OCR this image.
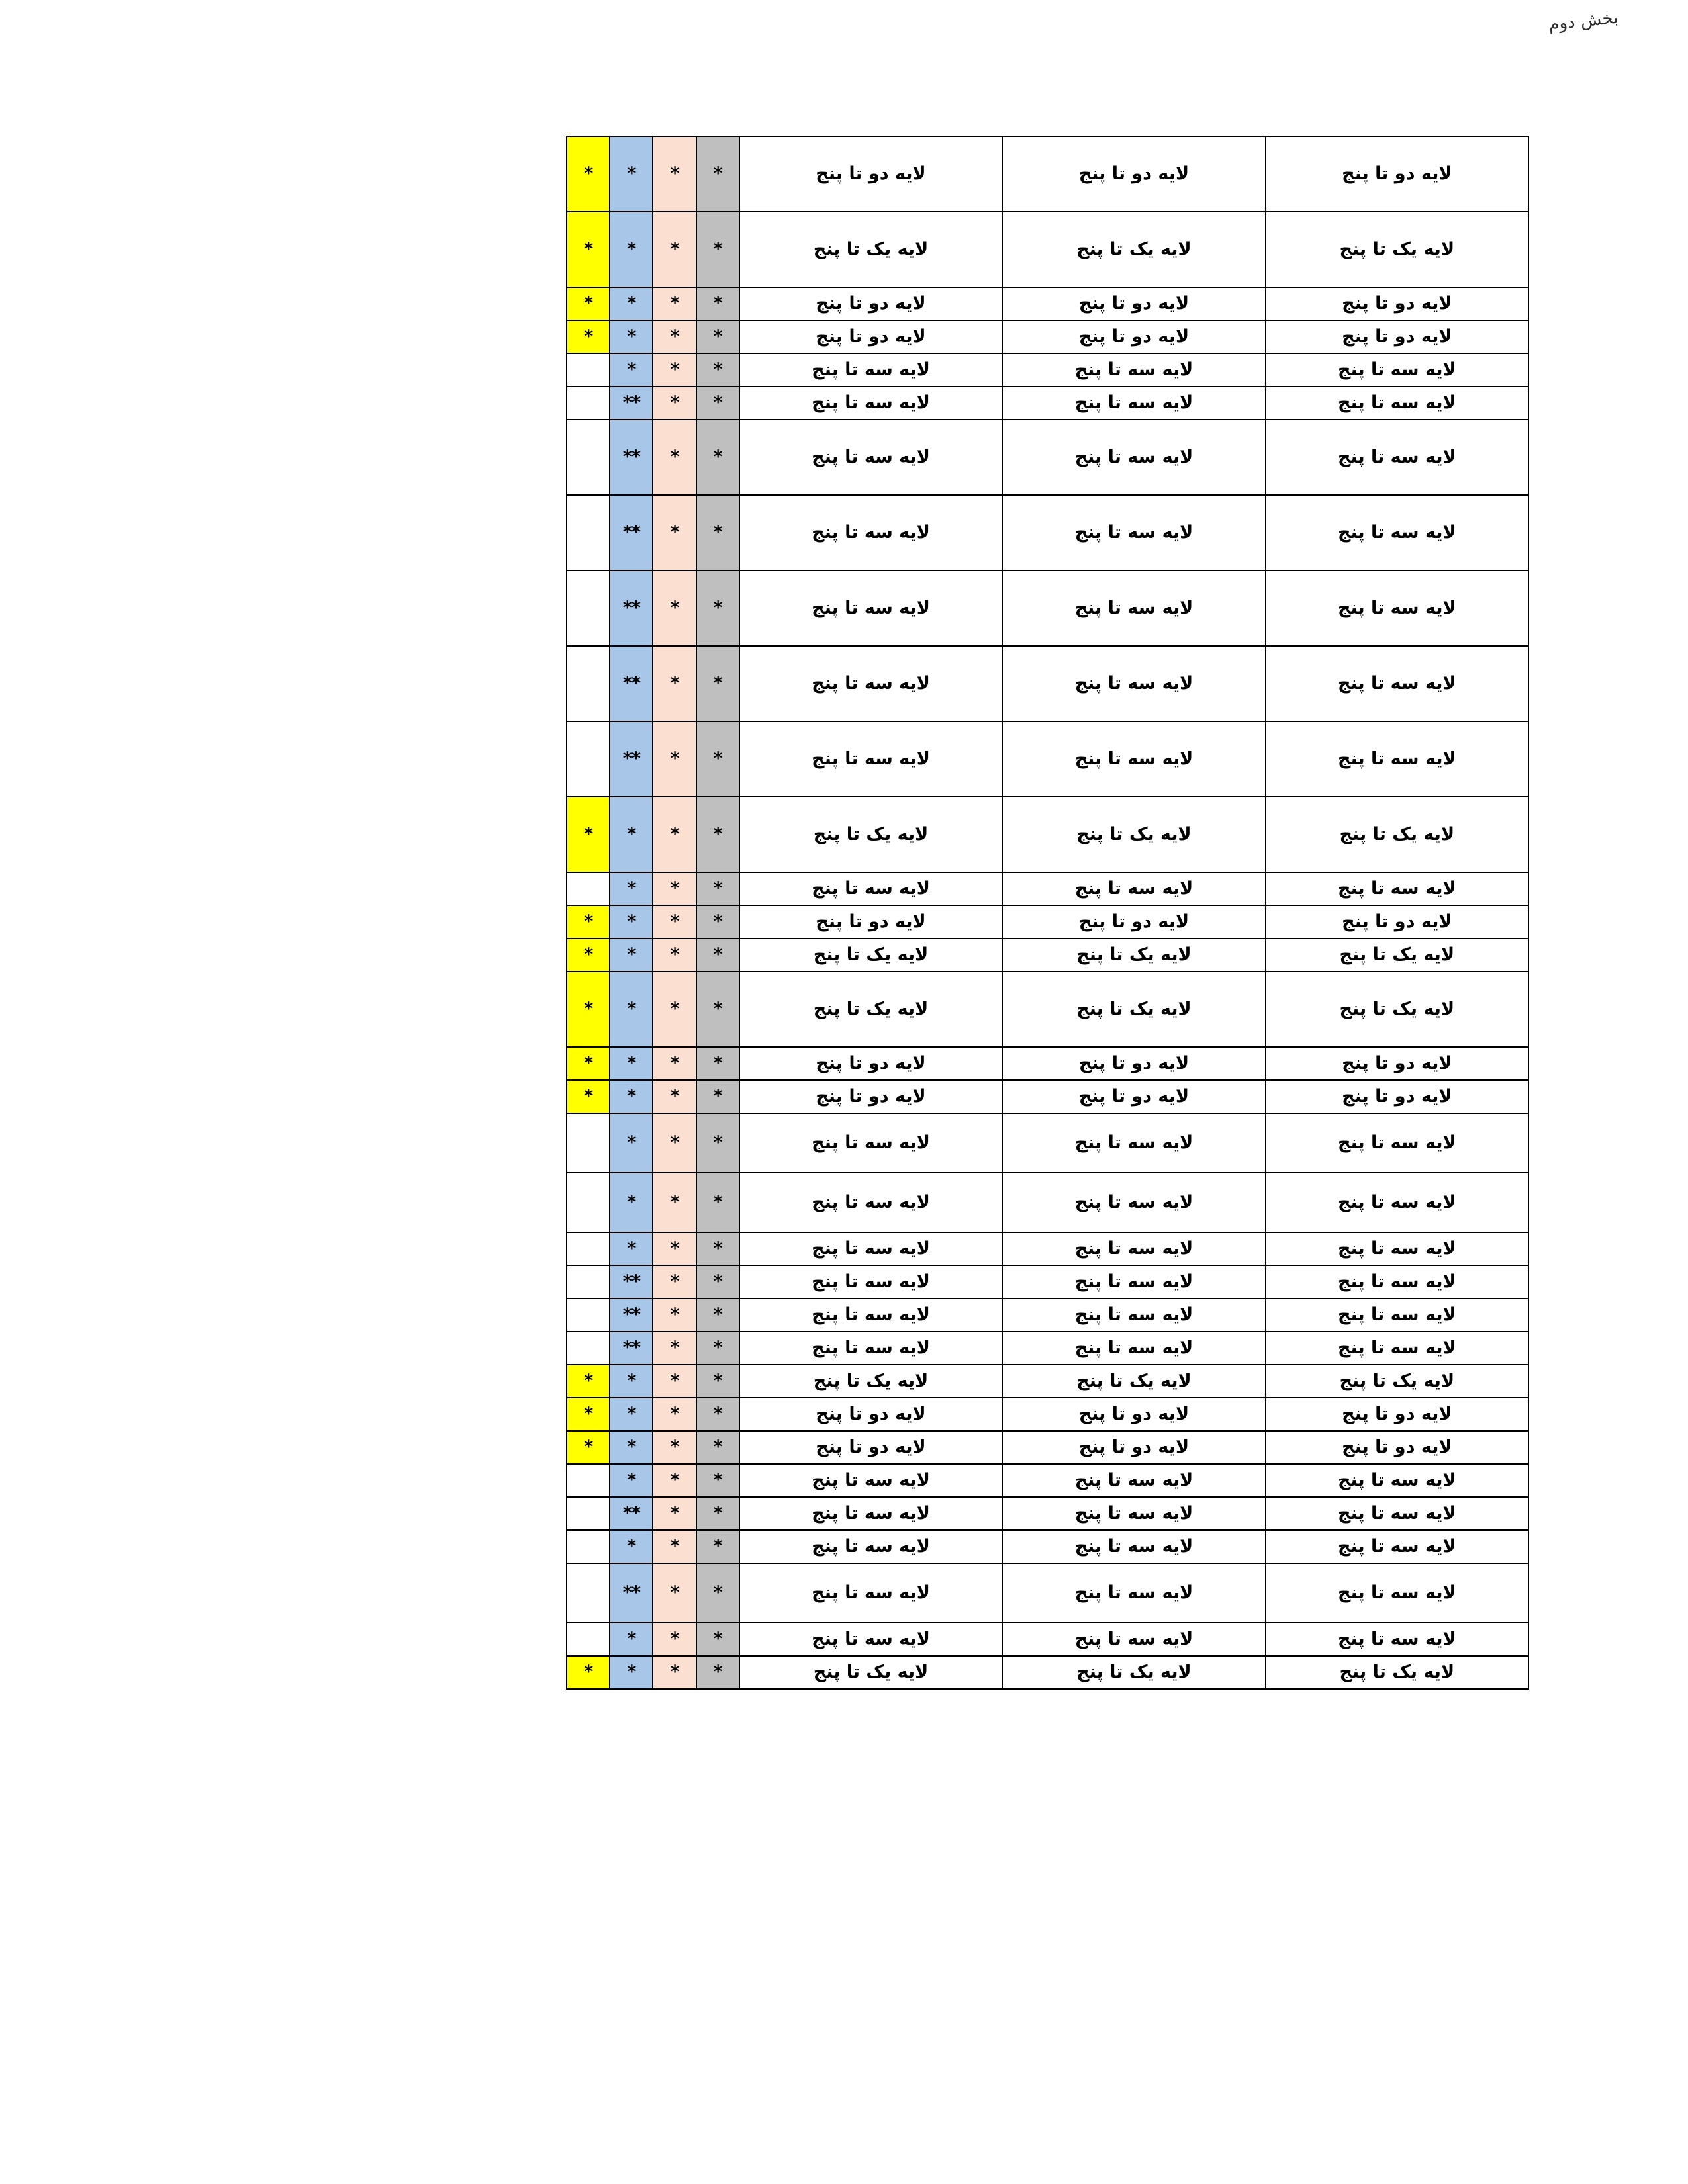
بخش دوم
لایه دو تا پنج	لایه دو تا پنج	لایه دو تا پنج	*	*	*	*
لایه یک تا پنج	لایه یک تا پنج	لایه یک تا پنج	*	*	*	*
لایه دو تا پنج	لایه دو تا پنج	لایه دو تا پنج	*	*	*	*
لایه دو تا پنج	لایه دو تا پنج	لایه دو تا پنج	*	*	*	*
لایه سه تا پنج	لایه سه تا پنج	لایه سه تا پنج	*	*	*	
لایه سه تا پنج	لایه سه تا پنج	لایه سه تا پنج	*	*	**	
لایه سه تا پنج	لایه سه تا پنج	لایه سه تا پنج	*	*	**	
لایه سه تا پنج	لایه سه تا پنج	لایه سه تا پنج	*	*	**	
لایه سه تا پنج	لایه سه تا پنج	لایه سه تا پنج	*	*	**	
لایه سه تا پنج	لایه سه تا پنج	لایه سه تا پنج	*	*	**	
لایه سه تا پنج	لایه سه تا پنج	لایه سه تا پنج	*	*	**	
لایه یک تا پنج	لایه یک تا پنج	لایه یک تا پنج	*	*	*	*
لایه سه تا پنج	لایه سه تا پنج	لایه سه تا پنج	*	*	*	
لایه دو تا پنج	لایه دو تا پنج	لایه دو تا پنج	*	*	*	*
لایه یک تا پنج	لایه یک تا پنج	لایه یک تا پنج	*	*	*	*
لایه یک تا پنج	لایه یک تا پنج	لایه یک تا پنج	*	*	*	*
لایه دو تا پنج	لایه دو تا پنج	لایه دو تا پنج	*	*	*	*
لایه دو تا پنج	لایه دو تا پنج	لایه دو تا پنج	*	*	*	*
لایه سه تا پنج	لایه سه تا پنج	لایه سه تا پنج	*	*	*	
لایه سه تا پنج	لایه سه تا پنج	لایه سه تا پنج	*	*	*	
لایه سه تا پنج	لایه سه تا پنج	لایه سه تا پنج	*	*	*	
لایه سه تا پنج	لایه سه تا پنج	لایه سه تا پنج	*	*	**	
لایه سه تا پنج	لایه سه تا پنج	لایه سه تا پنج	*	*	**	
لایه سه تا پنج	لایه سه تا پنج	لایه سه تا پنج	*	*	**	
لایه یک تا پنج	لایه یک تا پنج	لایه یک تا پنج	*	*	*	*
لایه دو تا پنج	لایه دو تا پنج	لایه دو تا پنج	*	*	*	*
لایه دو تا پنج	لایه دو تا پنج	لایه دو تا پنج	*	*	*	*
لایه سه تا پنج	لایه سه تا پنج	لایه سه تا پنج	*	*	*	
لایه سه تا پنج	لایه سه تا پنج	لایه سه تا پنج	*	*	**	
لایه سه تا پنج	لایه سه تا پنج	لایه سه تا پنج	*	*	*	
لایه سه تا پنج	لایه سه تا پنج	لایه سه تا پنج	*	*	**	
لایه سه تا پنج	لایه سه تا پنج	لایه سه تا پنج	*	*	*	
لایه یک تا پنج	لایه یک تا پنج	لایه یک تا پنج	*	*	*	*
